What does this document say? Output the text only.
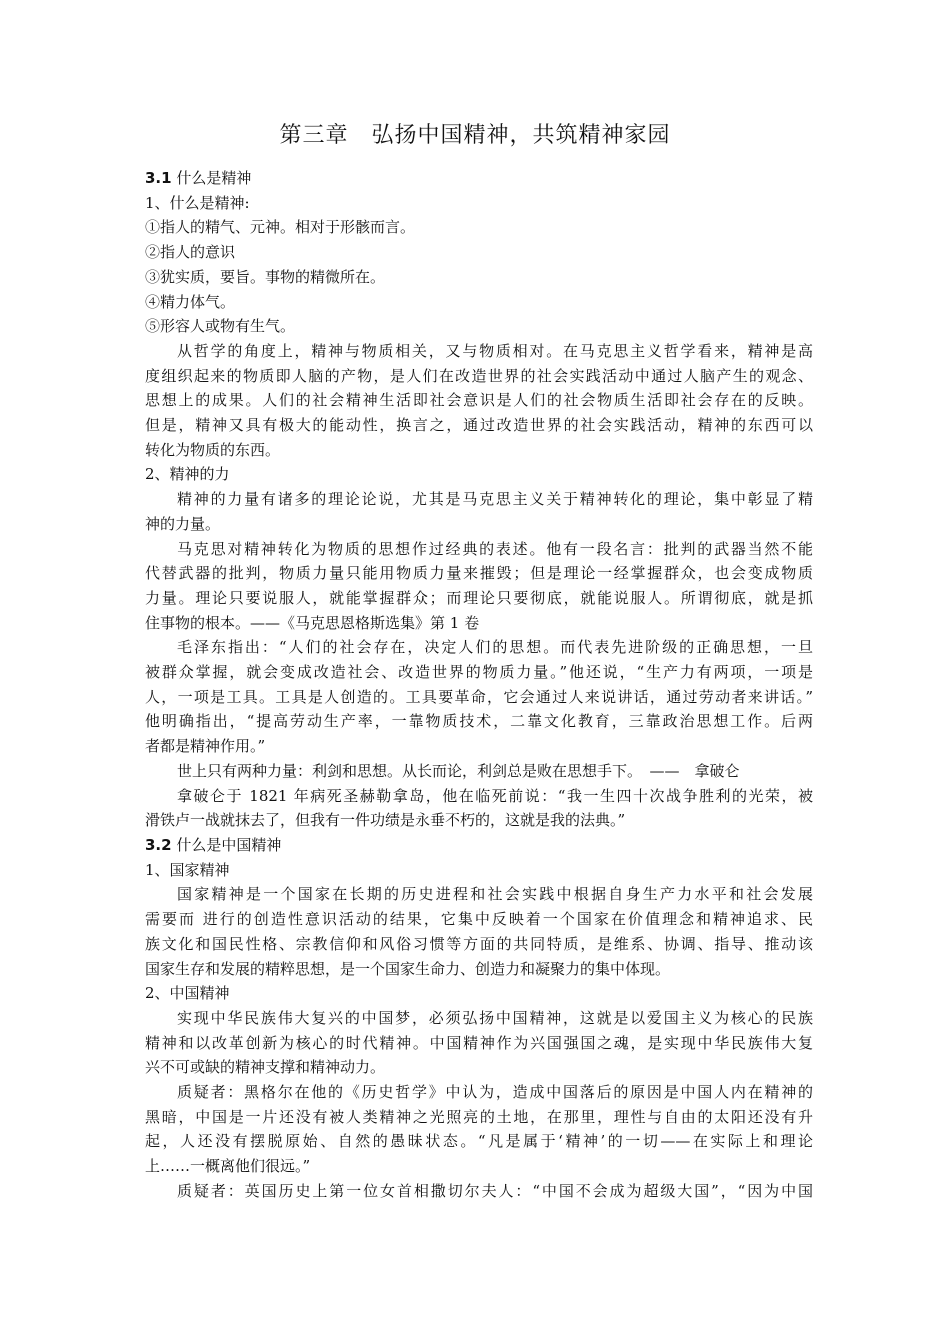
第三章　弘扬中国精神，共筑精神家园
3.1 什么是精神
1、什么是精神:
①指人的精气、元神。相对于形骸而言。
②指人的意识
③犹实质，要旨。事物的精微所在。
④精力体气。
⑤形容人或物有生气。
从哲学的角度上，精神与物质相关，又与物质相对。在马克思主义哲学看来，精神是高
度组织起来的物质即人脑的产物，是人们在改造世界的社会实践活动中通过人脑产生的观念、
思想上的成果。人们的社会精神生活即社会意识是人们的社会物质生活即社会存在的反映。
但是，精神又具有极大的能动性，换言之，通过改造世界的社会实践活动，精神的东西可以
转化为物质的东西。
2、精神的力
精神的力量有诸多的理论论说，尤其是马克思主义关于精神转化的理论，集中彰显了精
神的力量。
马克思对精神转化为物质的思想作过经典的表述。他有一段名言：批判的武器当然不能
代替武器的批判，物质力量只能用物质力量来摧毁；但是理论一经掌握群众，也会变成物质
力量。理论只要说服人，就能掌握群众；而理论只要彻底，就能说服人。所谓彻底，就是抓
住事物的根本。——《马克思恩格斯选集》第 1 卷
毛泽东指出：“人们的社会存在，决定人们的思想。而代表先进阶级的正确思想，一旦
被群众掌握，就会变成改造社会、改造世界的物质力量。”他还说，“生产力有两项，一项是
人，一项是工具。工具是人创造的。工具要革命，它会通过人来说讲话，通过劳动者来讲话。”
他明确指出，“提高劳动生产率，一靠物质技术，二靠文化教育，三靠政治思想工作。后两
者都是精神作用。”
世上只有两种力量：利剑和思想。从长而论，利剑总是败在思想手下。　——　拿破仑
拿破仑于 1821 年病死圣赫勒拿岛，他在临死前说：“我一生四十次战争胜利的光荣，被
滑铁卢一战就抹去了，但我有一件功绩是永垂不朽的，这就是我的法典。”
3.2 什么是中国精神
1、国家精神
国家精神是一个国家在长期的历史进程和社会实践中根据自身生产力水平和社会发展
需要而 进行的创造性意识活动的结果，它集中反映着一个国家在价值理念和精神追求、民
族文化和国民性格、宗教信仰和风俗习惯等方面的共同特质，是维系、协调、指导、推动该
国家生存和发展的精粹思想，是一个国家生命力、创造力和凝聚力的集中体现。
2、中国精神
实现中华民族伟大复兴的中国梦，必须弘扬中国精神，这就是以爱国主义为核心的民族
精神和以改革创新为核心的时代精神。中国精神作为兴国强国之魂，是实现中华民族伟大复
兴不可或缺的精神支撑和精神动力。
质疑者：黑格尔在他的《历史哲学》中认为，造成中国落后的原因是中国人内在精神的
黑暗，中国是一片还没有被人类精神之光照亮的土地，在那里，理性与自由的太阳还没有升
起，人还没有摆脱原始、自然的愚昧状态。“凡是属于‘精神’的一切——在实际上和理论
上……一概离他们很远。”
质疑者：英国历史上第一位女首相撒切尔夫人：“中国不会成为超级大国”，“因为中国
